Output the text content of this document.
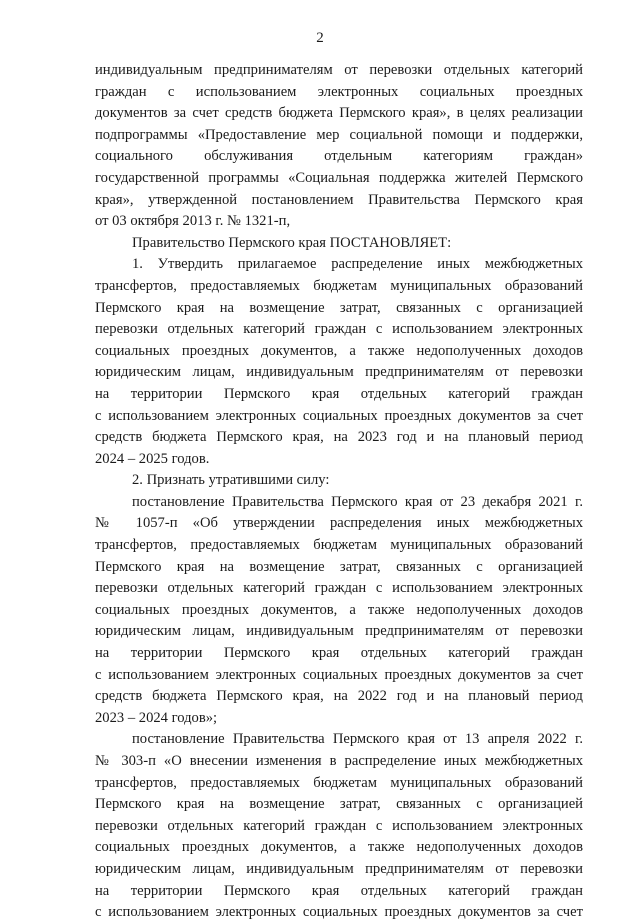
2
индивидуальным предпринимателям от перевозки отдельных категорий
граждан с использованием электронных социальных проездных
документов за счет средств бюджета Пермского края», в целях реализации
подпрограммы «Предоставление мер социальной помощи и поддержки,
социального обслуживания отдельным категориям граждан»
государственной программы «Социальная поддержка жителей Пермского
края», утвержденной постановлением Правительства Пермского края
от 03 октября 2013 г. № 1321-п,
Правительство Пермского края ПОСТАНОВЛЯЕТ:
1. Утвердить прилагаемое распределение иных межбюджетных
трансфертов, предоставляемых бюджетам муниципальных образований
Пермского края на возмещение затрат, связанных с организацией
перевозки отдельных категорий граждан с использованием электронных
социальных проездных документов, а также недополученных доходов
юридическим лицам, индивидуальным предпринимателям от перевозки
на территории Пермского края отдельных категорий граждан
с использованием электронных социальных проездных документов за счет
средств бюджета Пермского края, на 2023 год и на плановый период
2024 – 2025 годов.
2. Признать утратившими силу:
постановление Правительства Пермского края от 23 декабря 2021 г.
№ 1057-п «Об утверждении распределения иных межбюджетных
трансфертов, предоставляемых бюджетам муниципальных образований
Пермского края на возмещение затрат, связанных с организацией
перевозки отдельных категорий граждан с использованием электронных
социальных проездных документов, а также недополученных доходов
юридическим лицам, индивидуальным предпринимателям от перевозки
на территории Пермского края отдельных категорий граждан
с использованием электронных социальных проездных документов за счет
средств бюджета Пермского края, на 2022 год и на плановый период
2023 – 2024 годов»;
постановление Правительства Пермского края от 13 апреля 2022 г.
№ 303-п «О внесении изменения в распределение иных межбюджетных
трансфертов, предоставляемых бюджетам муниципальных образований
Пермского края на возмещение затрат, связанных с организацией
перевозки отдельных категорий граждан с использованием электронных
социальных проездных документов, а также недополученных доходов
юридическим лицам, индивидуальным предпринимателям от перевозки
на территории Пермского края отдельных категорий граждан
с использованием электронных социальных проездных документов за счет
